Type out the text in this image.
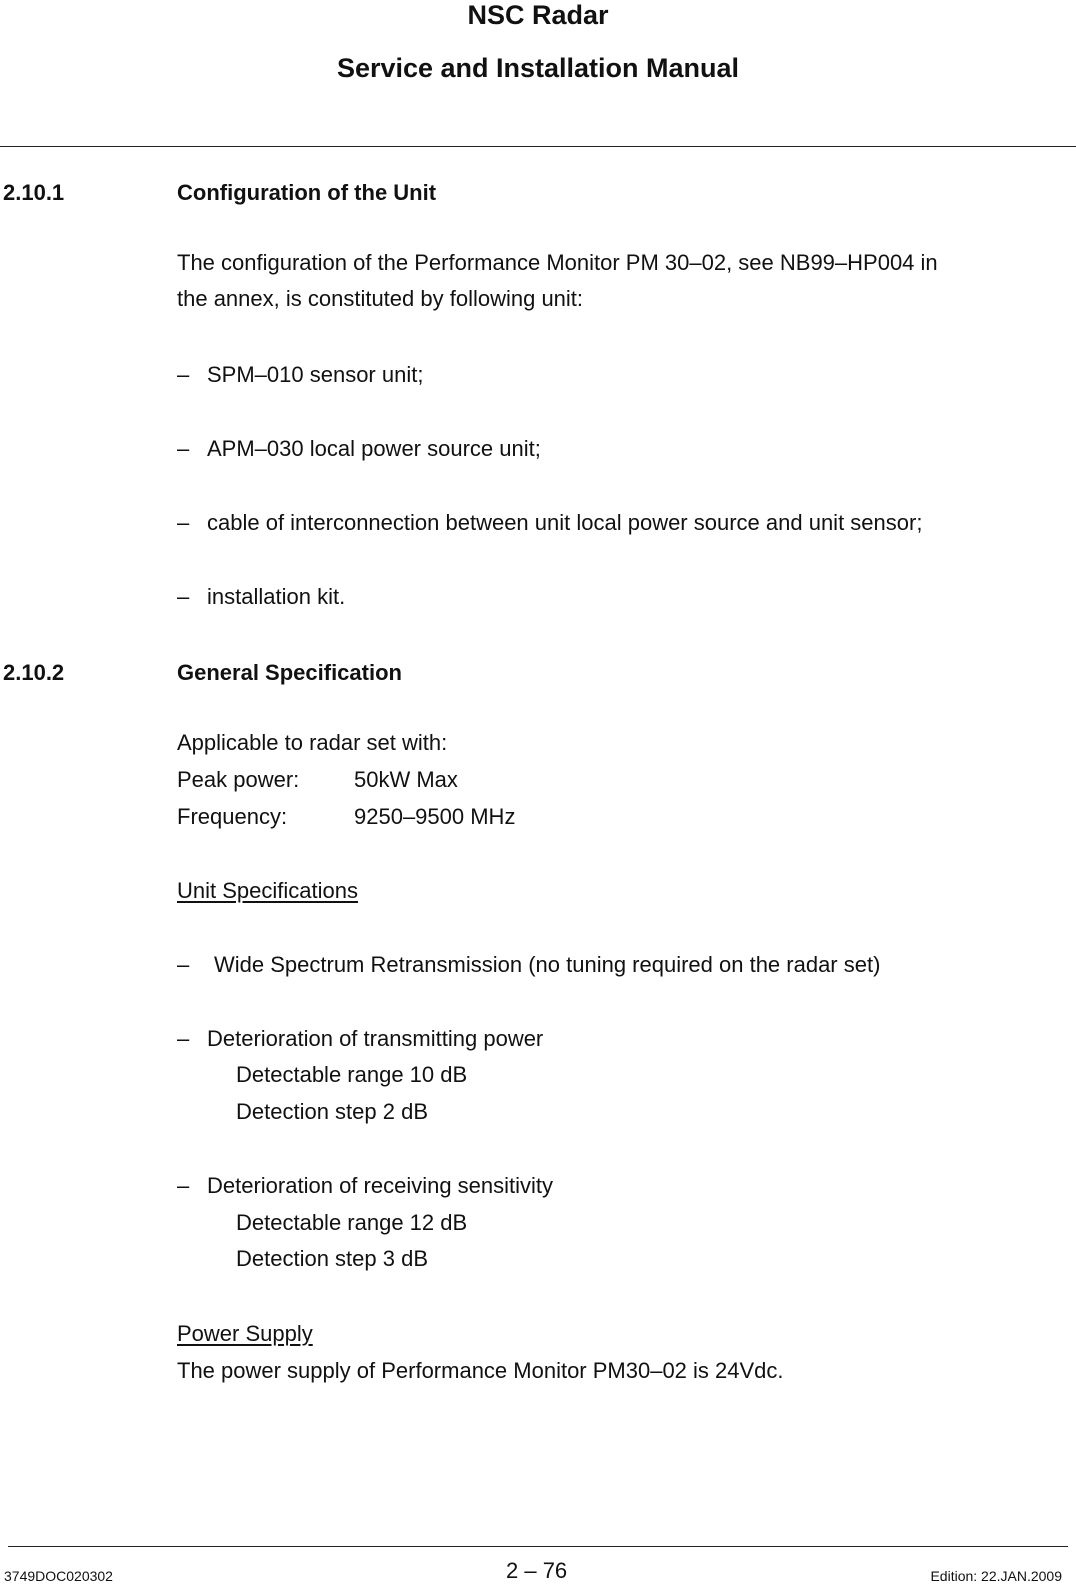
NSC Radar
Service and Installation Manual
2.10.1	Configuration of the Unit
The configuration of the Performance Monitor PM 30–02, see NB99–HP004 in
the annex, is constituted by following unit:
– SPM–010 sensor unit;
– APM–030 local power source unit;
– cable of interconnection between unit local power source and unit sensor;
– installation kit.
2.10.2	General Specification
Applicable to radar set with:
Peak power: 50kW Max
Frequency:	9250–9500 MHz
Unit Specifications
– Wide Spectrum Retransmission (no tuning required on the radar set)
– Deterioration of transmitting power
Detectable range 10 dB
Detection step 2 dB
– Deterioration of receiving sensitivity
Detectable range 12 dB
Detection step 3 dB
Power Supply
The power supply of Performance Monitor PM30–02 is 24Vdc.
3749DOC020302	2 – 76	Edition: 22.JAN.2009
